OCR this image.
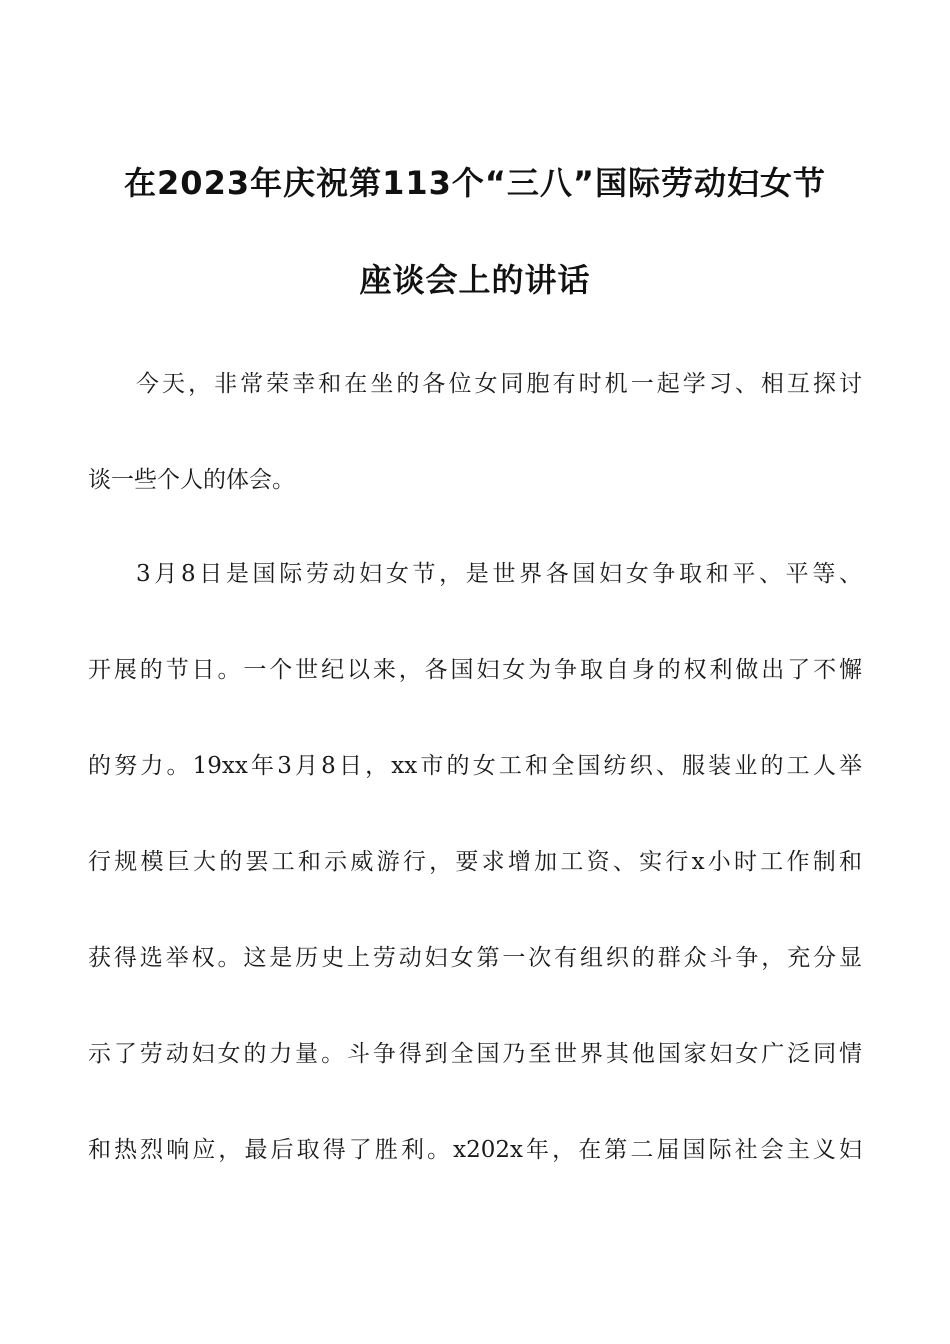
在2023年庆祝第113个“三八”国际劳动妇女节
座谈会上的讲话
今天，非常荣幸和在坐的各位女同胞有时机一起学习、相互探讨
谈一些个人的体会。
3月8日是国际劳动妇女节，是世界各国妇女争取和平、平等、
开展的节日。一个世纪以来，各国妇女为争取自身的权利做出了不懈
的努力。19xx年3月8日，xx市的女工和全国纺织、服装业的工人举
行规模巨大的罢工和示威游行，要求增加工资、实行x小时工作制和
获得选举权。这是历史上劳动妇女第一次有组织的群众斗争，充分显
示了劳动妇女的力量。斗争得到全国乃至世界其他国家妇女广泛同情
和热烈响应，最后取得了胜利。x202x年，在第二届国际社会主义妇
